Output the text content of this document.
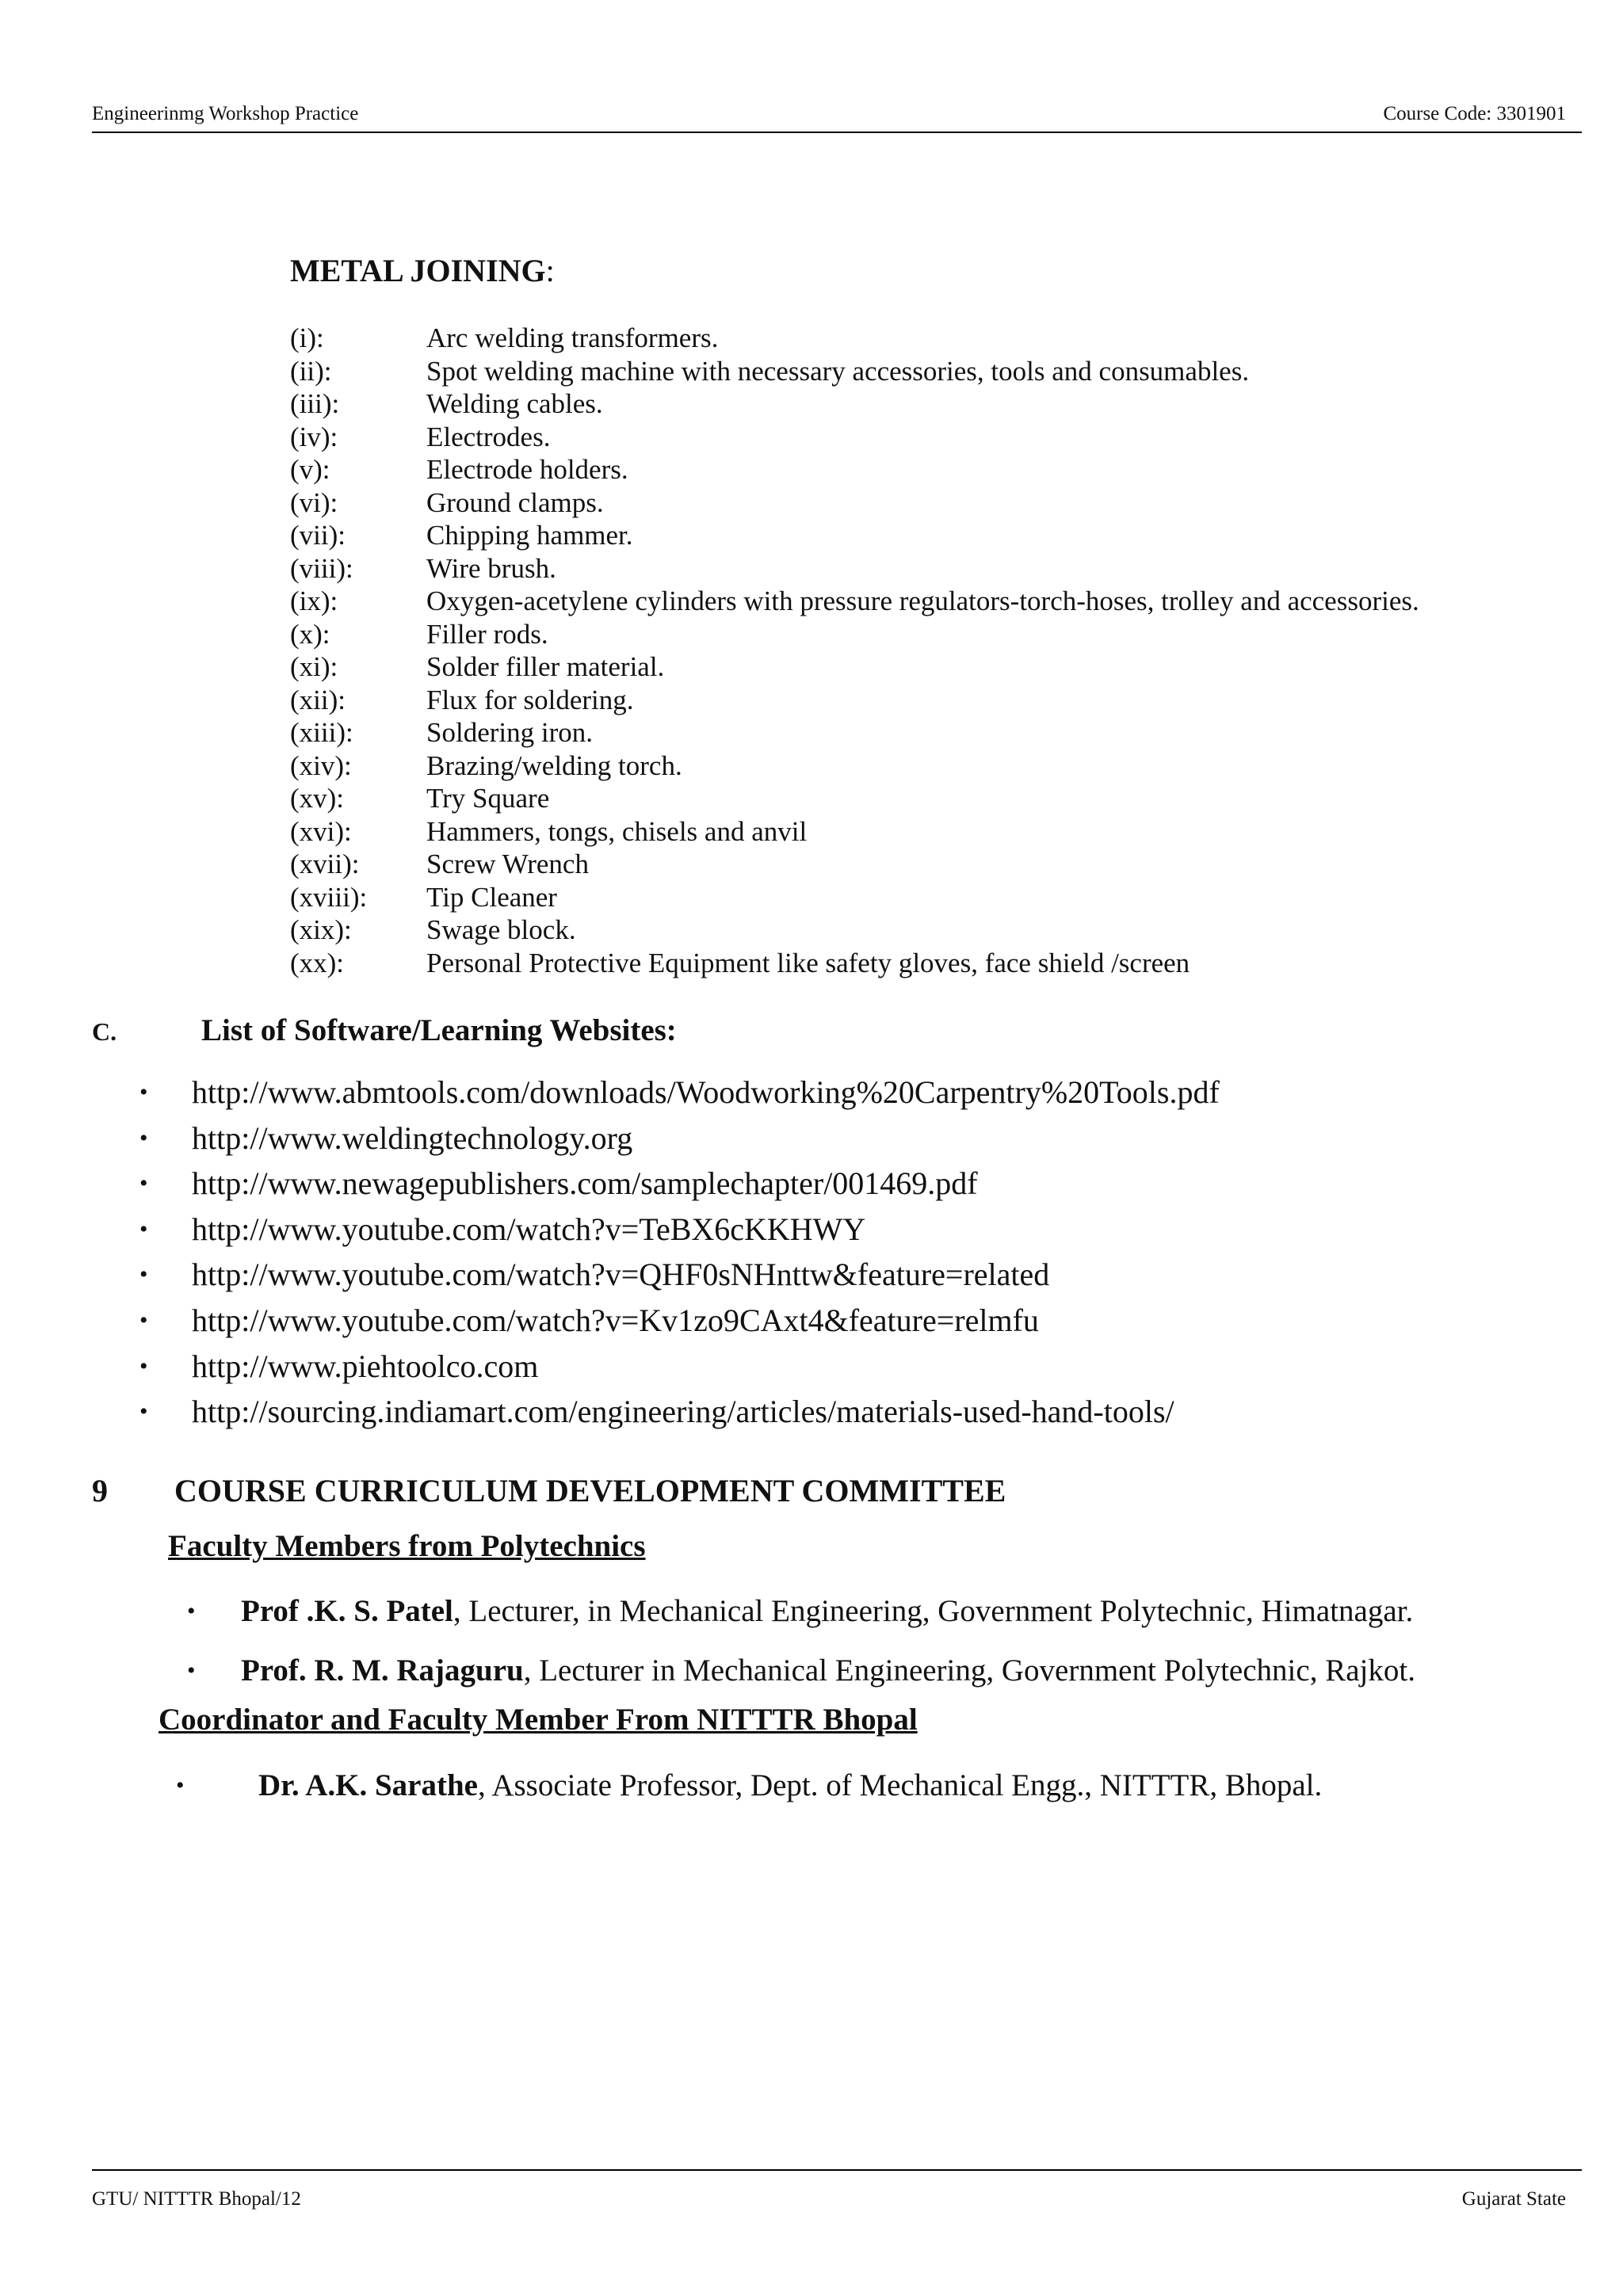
Engineerinmg Workshop Practice	Course Code: 3301901
METAL JOINING:
(i):	Arc welding transformers.
(ii):	Spot welding machine with necessary accessories, tools and consumables.
(iii):	Welding cables.
(iv):	Electrodes.
(v):	Electrode holders.
(vi):	Ground clamps.
(vii):	Chipping hammer.
(viii):	Wire brush.
(ix):	Oxygen-acetylene cylinders with pressure regulators-torch-hoses, trolley and accessories.
(x):	Filler rods.
(xi):	Solder filler material.
(xii):	Flux for soldering.
(xiii):	Soldering iron.
(xiv):	Brazing/welding torch.
(xv):	Try Square
(xvi):	Hammers, tongs, chisels and anvil
(xvii):	Screw Wrench
(xviii):	Tip Cleaner
(xix):	Swage block.
(xx):	Personal Protective Equipment like safety gloves, face shield /screen
C.	List of Software/Learning Websites:
•	http://www.abmtools.com/downloads/Woodworking%20Carpentry%20Tools.pdf
•	http://www.weldingtechnology.org
•	http://www.newagepublishers.com/samplechapter/001469.pdf
•	http://www.youtube.com/watch?v=TeBX6cKKHWY
•	http://www.youtube.com/watch?v=QHF0sNHnttw&feature=related
•	http://www.youtube.com/watch?v=Kv1zo9CAxt4&feature=relmfu
•	http://www.piehtoolco.com
•	http://sourcing.indiamart.com/engineering/articles/materials-used-hand-tools/
9 COURSE CURRICULUM DEVELOPMENT COMMITTEE
Faculty Members from Polytechnics
•	Prof .K. S. Patel, Lecturer, in Mechanical Engineering, Government Polytechnic, Himatnagar.
•	Prof. R. M. Rajaguru, Lecturer in Mechanical Engineering, Government Polytechnic, Rajkot.
Coordinator and Faculty Member From NITTTR Bhopal
•	Dr. A.K. Sarathe, Associate Professor, Dept. of Mechanical Engg., NITTTR, Bhopal.
GTU/ NITTTR Bhopal/12	Gujarat State
